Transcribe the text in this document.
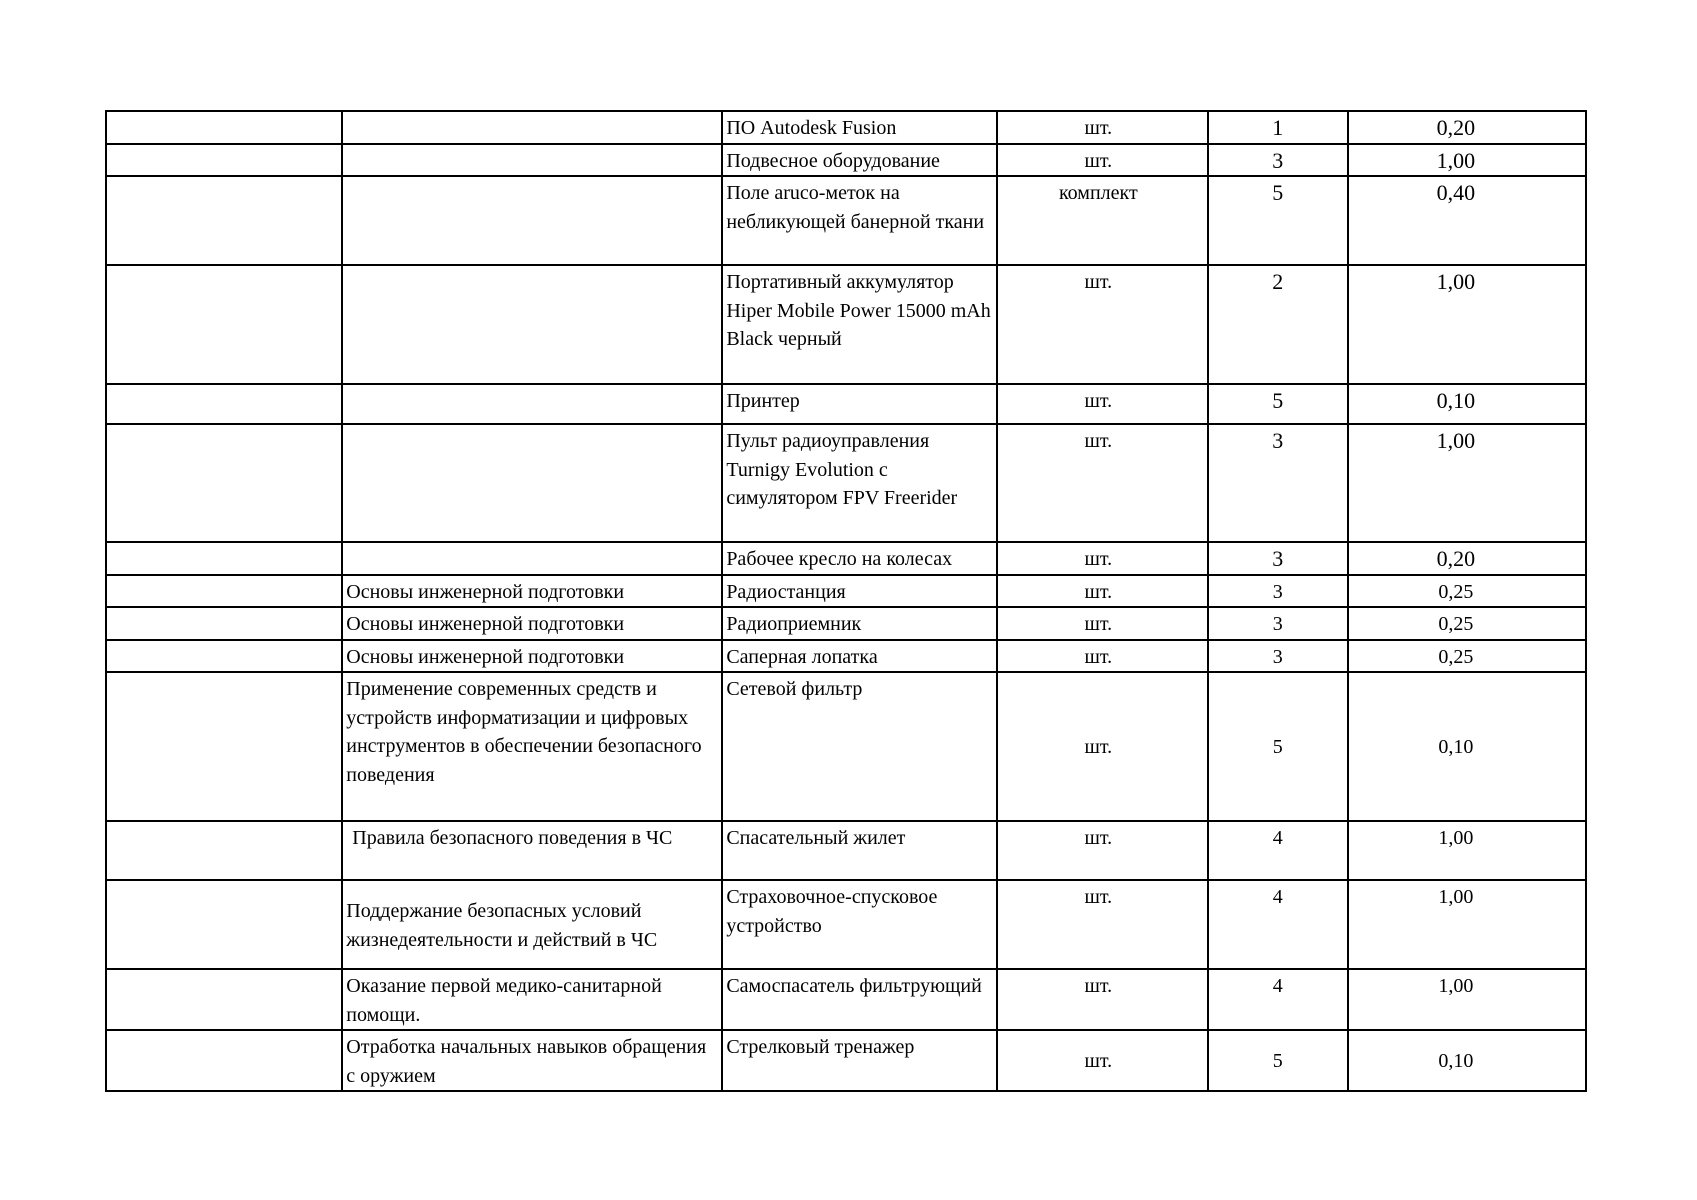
		ПО Autodesk Fusion	шт.	1	0,20
		Подвесное оборудование	шт.	3	1,00
		Поле aruco-меток на небликующей банерной ткани	комплект	5	0,40
		Портативный аккумулятор Hiper Mobile Power 15000 mAh Black черный	шт.	2	1,00
		Принтер	шт.	5	0,10
		Пульт радиоуправления Turnigy Evolution с симулятором FPV Freerider	шт.	3	1,00
		Рабочее кресло на колесах	шт.	3	0,20
	Основы инженерной подготовки	Радиостанция	шт.	3	0,25
	Основы инженерной подготовки	Радиоприемник	шт.	3	0,25
	Основы инженерной подготовки	Саперная лопатка	шт.	3	0,25
	Применение современных средств и устройств информатизации и цифровых инструментов в обеспечении безопасного поведения	Сетевой фильтр	шт.	5	0,10
	Правила безопасного поведения в ЧС	Спасательный жилет	шт.	4	1,00
	Поддержание безопасных условий жизнедеятельности и действий в ЧС	Страховочное-спусковое устройство	шт.	4	1,00
	Оказание первой медико-санитарной помощи.	Самоспасатель фильтрующий	шт.	4	1,00
	Отработка начальных навыков обращения с оружием	Стрелковый тренажер	шт.	5	0,10
